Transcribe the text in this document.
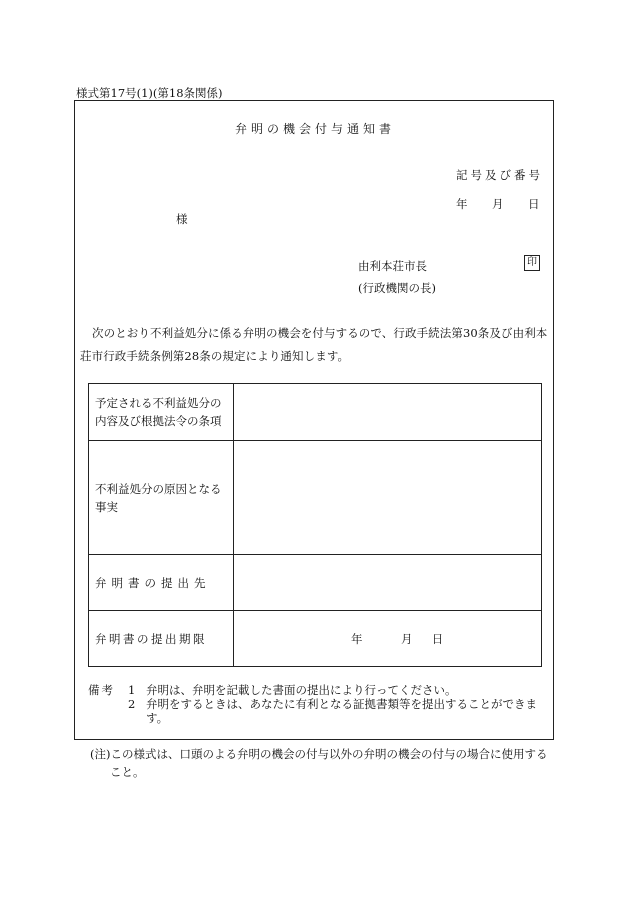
様式第17号(1)(第18条関係)
弁明の機会付与通知書
記号及び番号
年 月 日
様
由利本荘市長	印
(行政機関の長)
次のとおり不利益処分に係る弁明の機会を付与するので、行政手続法第30条及び由利本荘市行政手続条例第28条の規定により通知します。
予定される不利益処分の内容及び根拠法令の条項	
不利益処分の原因となる事実	
弁明書の提出先	
弁明書の提出期限	年 月 日
備考	1 弁明は、弁明を記載した書面の提出により行ってください。
2 弁明をするときは、あなたに有利となる証拠書類等を提出することができます。
(注)この様式は、口頭のよる弁明の機会の付与以外の弁明の機会の付与の場合に使用すること。
